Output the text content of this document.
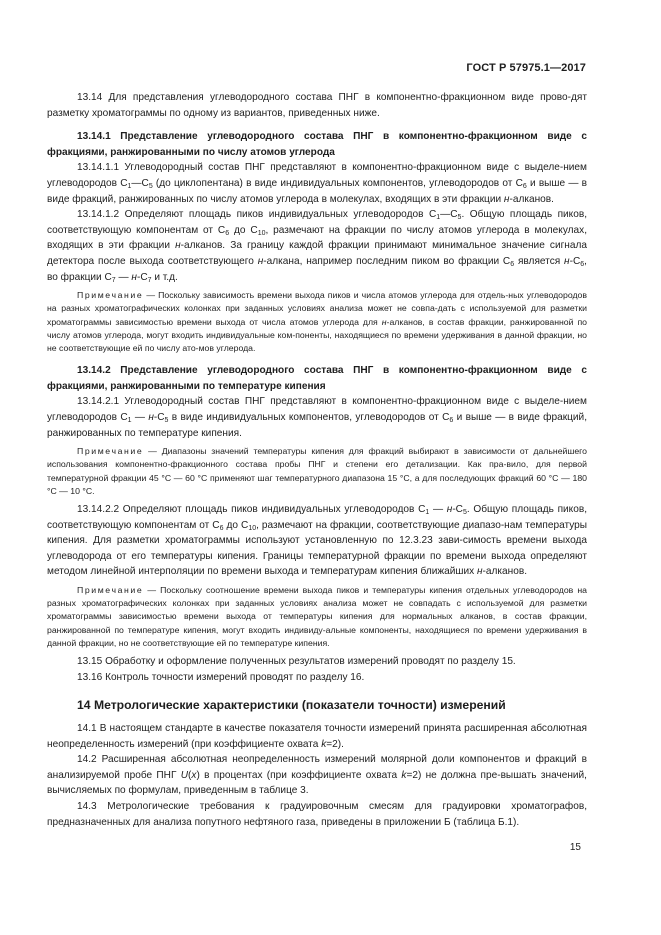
ГОСТ Р 57975.1—2017

13.14 Для представления углеводородного состава ПНГ в компонентно-фракционном виде прово-дят разметку хроматограммы по одному из вариантов, приведенных ниже.

13.14.1 Представление углеводородного состава ПНГ в компонентно-фракционном виде с фракциями, ранжированными по числу атомов углерода

13.14.1.1 Углеводородный состав ПНГ представляют в компонентно-фракционном виде с выделе-нием углеводородов $C_1—C_5$ (до циклопентана) в виде индивидуальных компонентов, углеводородов от $C_6$ и выше — в виде фракций, ранжированных по числу атомов углерода в молекулах, входящих в эти фракции н-алканов.

13.14.1.2 Определяют площадь пиков индивидуальных углеводородов $C_1—C_5$. Общую площадь пиков, соответствующую компонентам от $C_6$ до $C_{10}$, размечают на фракции по числу атомов углерода в молекулах, входящих в эти фракции н-алканов. За границу каждой фракции принимают минимальное значение сигнала детектора после выхода соответствующего н-алкана, например последним пиком во фракции $C_6$ является $н-C_6$, во фракции $C_7$ — $н-C_7$ и т.д.

Примечание — Поскольку зависимость времени выхода пиков и числа атомов углерода для отдель-ных углеводородов на разных хроматографических колонках при заданных условиях анализа может не совпа-дать с используемой для разметки хроматограммы зависимостью времени выхода от числа атомов углерода для н-алканов, в состав фракции, ранжированной по числу атомов углерода, могут входить индивидуальные ком-поненты, находящиеся по времени удерживания в данной фракции, но не соответствующие ей по числу ато-мов углерода.

13.14.2 Представление углеводородного состава ПНГ в компонентно-фракционном виде с фракциями, ранжированными по температуре кипения

13.14.2.1 Углеводородный состав ПНГ представляют в компонентно-фракционном виде с выделе-нием углеводородов $C_1$ — $н-C_5$ в виде индивидуальных компонентов, углеводородов от $C_6$ и выше — в виде фракций, ранжированных по температуре кипения.

Примечание — Диапазоны значений температуры кипения для фракций выбирают в зависимости от дальнейшего использования компонентно-фракционного состава пробы ПНГ и степени его детализации. Как пра-вило, для первой температурной фракции 45 °C — 60 °C применяют шаг температурного диапазона 15 °C, а для последующих фракций 60 °C — 180 °C — 10 °C.

13.14.2.2 Определяют площадь пиков индивидуальных углеводородов $C_1$ — $н-C_5$. Общую площадь пиков, соответствующую компонентам от $C_6$ до $C_{10}$, размечают на фракции, соответствующие диапазо-нам температуры кипения. Для разметки хроматограммы используют установленную по 12.3.23 зави-симость времени выхода углеводорода от его температуры кипения. Границы температурной фракции по времени выхода определяют методом линейной интерполяции по времени выхода и температурам кипения ближайших н-алканов.

Примечание — Поскольку соотношение времени выхода пиков и температуры кипения отдельных углеводородов на разных хроматографических колонках при заданных условиях анализа может не совпадать с используемой для разметки хроматограммы зависимостью времени выхода от температуры кипения для нормальных алканов, в состав фракции, ранжированной по температуре кипения, могут входить индивиду-альные компоненты, находящиеся по времени удерживания в данной фракции, но не соответствующие ей по температуре кипения.

13.15 Обработку и оформление полученных результатов измерений проводят по разделу 15.

13.16 Контроль точности измерений проводят по разделу 16.

14 Метрологические характеристики (показатели точности) измерений

14.1 В настоящем стандарте в качестве показателя точности измерений принята расширенная абсолютная неопределенность измерений (при коэффициенте охвата k=2).

14.2 Расширенная абсолютная неопределенность измерений молярной доли компонентов и фракций в анализируемой пробе ПНГ U(x) в процентах (при коэффициенте охвата k=2) не должна пре-вышать значений, вычисляемых по формулам, приведенным в таблице 3.

14.3 Метрологические требования к градуировочным смесям для градуировки хроматографов, предназначенных для анализа попутного нефтяного газа, приведены в приложении Б (таблица Б.1).

15
